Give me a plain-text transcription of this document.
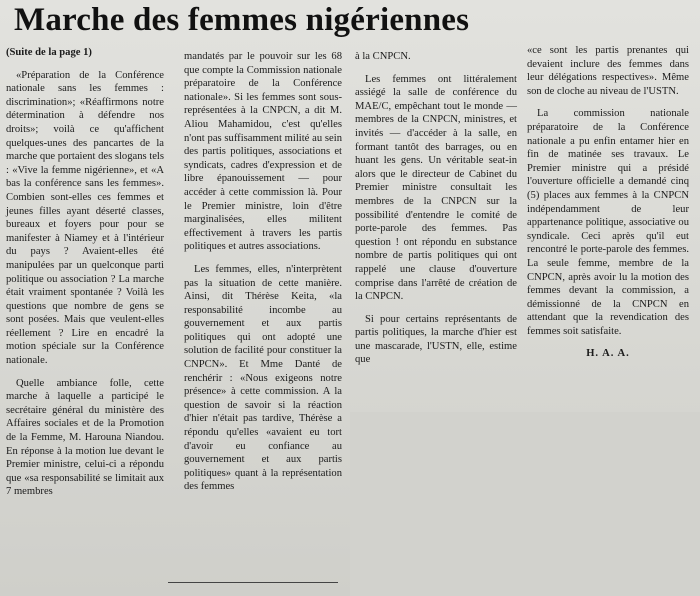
Marche des femmes nigériennes

(Suite de la page 1)

«Préparation de la Conférence nationale sans les femmes : discrimination»; «Réaffirmons notre détermination à défendre nos droits»; voilà ce qu'affichent quelques-unes des pancartes de la marche que portaient des slogans tels : «Vive la femme nigérienne», et «A bas la conférence sans les femmes». Combien sont-elles ces femmes et jeunes filles ayant déserté classes, bureaux et foyers pour pour se manifester à Niamey et à l'intérieur du pays ? Avaient-elles été manipulées par un quelconque parti politique ou association ? La marche était vraiment spontanée ? Voilà les questions que nombre de gens se sont posées. Mais que veulent-elles réellement ? Lire en encadré la motion spéciale sur la Conférence nationale.

Quelle ambiance folle, cette marche à laquelle a participé le secrétaire général du ministère des Affaires sociales et de la Promotion de la Femme, M. Harouna Niandou. En réponse à la motion lue devant le Premier ministre, celui-ci a répondu que «sa responsabilité se limitait aux 7 membres

mandatés par le pouvoir sur les 68 que compte la Commission nationale préparatoire de la Conférence nationale». Si les femmes sont sous-représentées à la CNPCN, a dit M. Aliou Mahamidou, c'est qu'elles n'ont pas suffisamment milité au sein des partis politiques, associations et syndicats, cadres d'expression et de libre épanouissement — pour accéder à cette commission là. Pour le Premier ministre, loin d'être marginalisées, elles militent effectivement à travers les partis politiques et autres associations.

Les femmes, elles, n'interprètent pas la situation de cette manière. Ainsi, dit Thérèse Keita, «la responsabilité incombe au gouvernement et aux partis politiques qui ont adopté une solution de facilité pour constituer la CNPCN». Et Mme Danté de renchérir : «Nous exigeons notre présence» à cette commission. A la question de savoir si la réaction d'hier n'était pas tardive, Thérèse a répondu qu'elles «avaient eu tort d'avoir eu confiance au gouvernement et aux partis politiques» quant à la représentation des femmes

à la CNPCN.

Les femmes ont littéralement assiégé la salle de conférence du MAE/C, empêchant tout le monde — membres de la CNPCN, ministres, et invités — d'accéder à la salle, en formant tantôt des barrages, ou en huant les gens. Un véritable seat-in alors que le directeur de Cabinet du Premier ministre consultait les membres de la CNPCN sur la possibilité d'entendre le comité de porte-parole des femmes. Pas question ! ont répondu en substance nombre de partis politiques qui ont rappelé une clause d'ouverture comprise dans l'arrêté de création de la CNPCN.

Si pour certains représentants de partis politiques, la marche d'hier est une mascarade, l'USTN, elle, estime que

«ce sont les partis prenantes qui devaient inclure des femmes dans leur délégations respectives». Même son de cloche au niveau de l'USTN.

La commission nationale préparatoire de la Conférence nationale a pu enfin entamer hier en fin de matinée ses travaux. Le Premier ministre qui a présidé l'ouverture officielle a demandé cinq (5) places aux femmes à la CNPCN indépendamment de leur appartenance politique, associative ou syndicale. Ceci après qu'il eut rencontré le porte-parole des femmes. La seule femme, membre de la CNPCN, après avoir lu la motion des femmes devant la commission, a démissionné de la CNPCN en attendant que la revendication des femmes soit satisfaite.

H. A. A.
